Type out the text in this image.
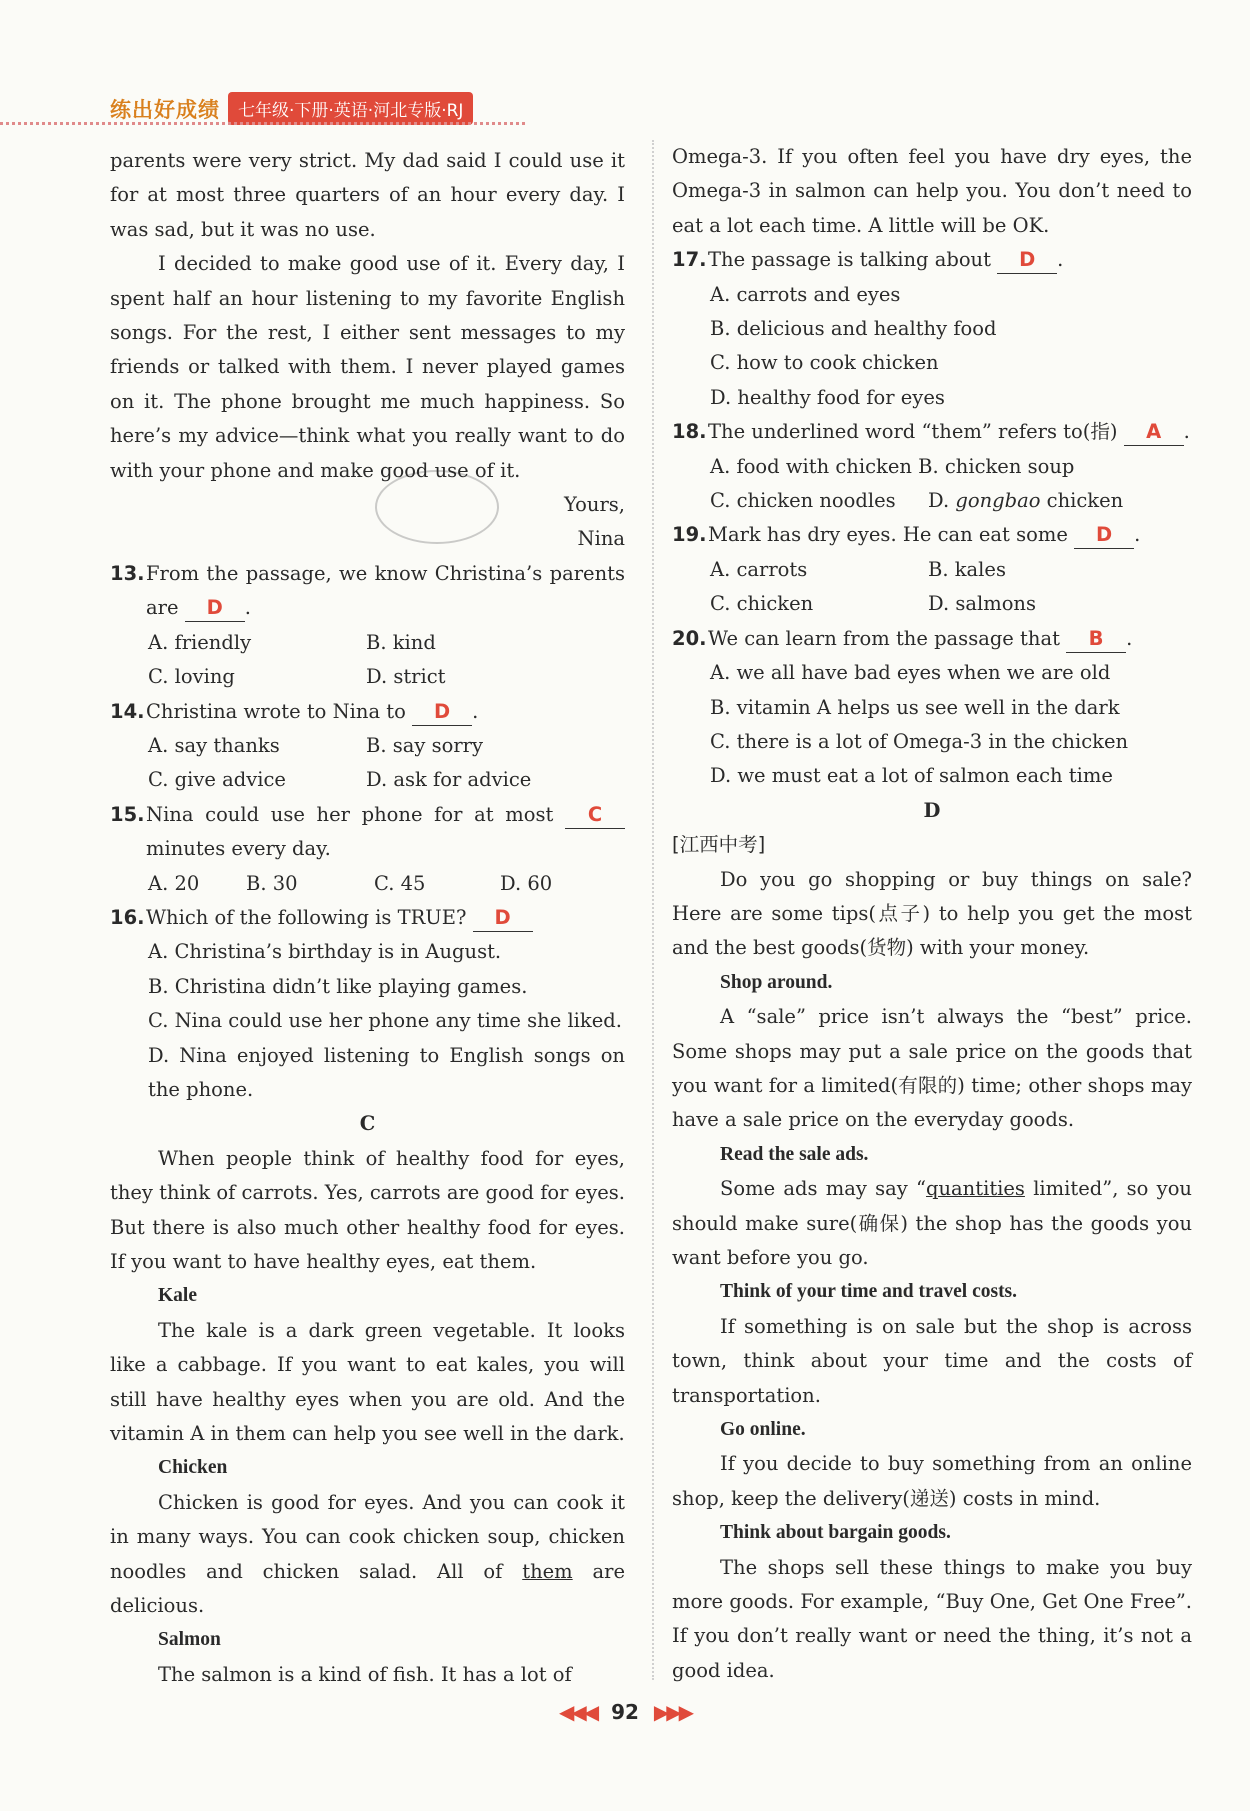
练出好成绩	七年级·下册·英语·河北专版·RJ

parents were very strict. My dad said I could use it for at most three quarters of an hour every day. I was sad, but it was no use.

I decided to make good use of it. Every day, I spent half an hour listening to my favorite English songs. For the rest, I either sent messages to my friends or talked with them. I never played games on it. The phone brought me much happiness. So here’s my advice—think what you really want to do with your phone and make good use of it.

Yours,

Nina

13. From the passage, we know Christina’s parents are D .
A. friendly	B. kind
C. loving	D. strict
14. Christina wrote to Nina to D .
A. say thanks	B. say sorry
C. give advice	D. ask for advice
15. Nina could use her phone for at most C minutes every day.
A. 20	B. 30	C. 45	D. 60
16. Which of the following is TRUE? D

A. Christina’s birthday is in August.

B. Christina didn’t like playing games.

C. Nina could use her phone any time she liked.

D. Nina enjoyed listening to English songs on the phone.

C

When people think of healthy food for eyes, they think of carrots. Yes, carrots are good for eyes. But there is also much other healthy food for eyes. If you want to have healthy eyes, eat them.

Kale

The kale is a dark green vegetable. It looks like a cabbage. If you want to eat kales, you will still have healthy eyes when you are old. And the vitamin A in them can help you see well in the dark.

Chicken

Chicken is good for eyes. And you can cook it in many ways. You can cook chicken soup, chicken noodles and chicken salad. All of them are delicious.

Salmon

The salmon is a kind of fish. It has a lot of

Omega-3. If you often feel you have dry eyes, the Omega-3 in salmon can help you. You don’t need to eat a lot each time. A little will be OK.

17. The passage is talking about D .

A. carrots and eyes

B. delicious and healthy food

C. how to cook chicken

D. healthy food for eyes

18. The underlined word “them” refers to(指) A .

A. food with chicken B. chicken soup

C. chicken noodles	D. gongbao chicken
19. Mark has dry eyes. He can eat some D .
A. carrots	B. kales
C. chicken	D. salmons
20. We can learn from the passage that B .

A. we all have bad eyes when we are old

B. vitamin A helps us see well in the dark

C. there is a lot of Omega-3 in the chicken

D. we must eat a lot of salmon each time

D

[江西中考]

Do you go shopping or buy things on sale? Here are some tips(点子) to help you get the most and the best goods(货物) with your money.

Shop around.

A “sale” price isn’t always the “best” price. Some shops may put a sale price on the goods that you want for a limited(有限的) time; other shops may have a sale price on the everyday goods.

Read the sale ads.

Some ads may say “quantities limited”, so you should make sure(确保) the shop has the goods you want before you go.

Think of your time and travel costs.

If something is on sale but the shop is across town, think about your time and the costs of transportation.

Go online.

If you decide to buy something from an online shop, keep the delivery(递送) costs in mind.

Think about bargain goods.

The shops sell these things to make you buy more goods. For example, “Buy One, Get One Free”. If you don’t really want or need the thing, it’s not a good idea.

◀◀◀ 92 ▶▶▶
